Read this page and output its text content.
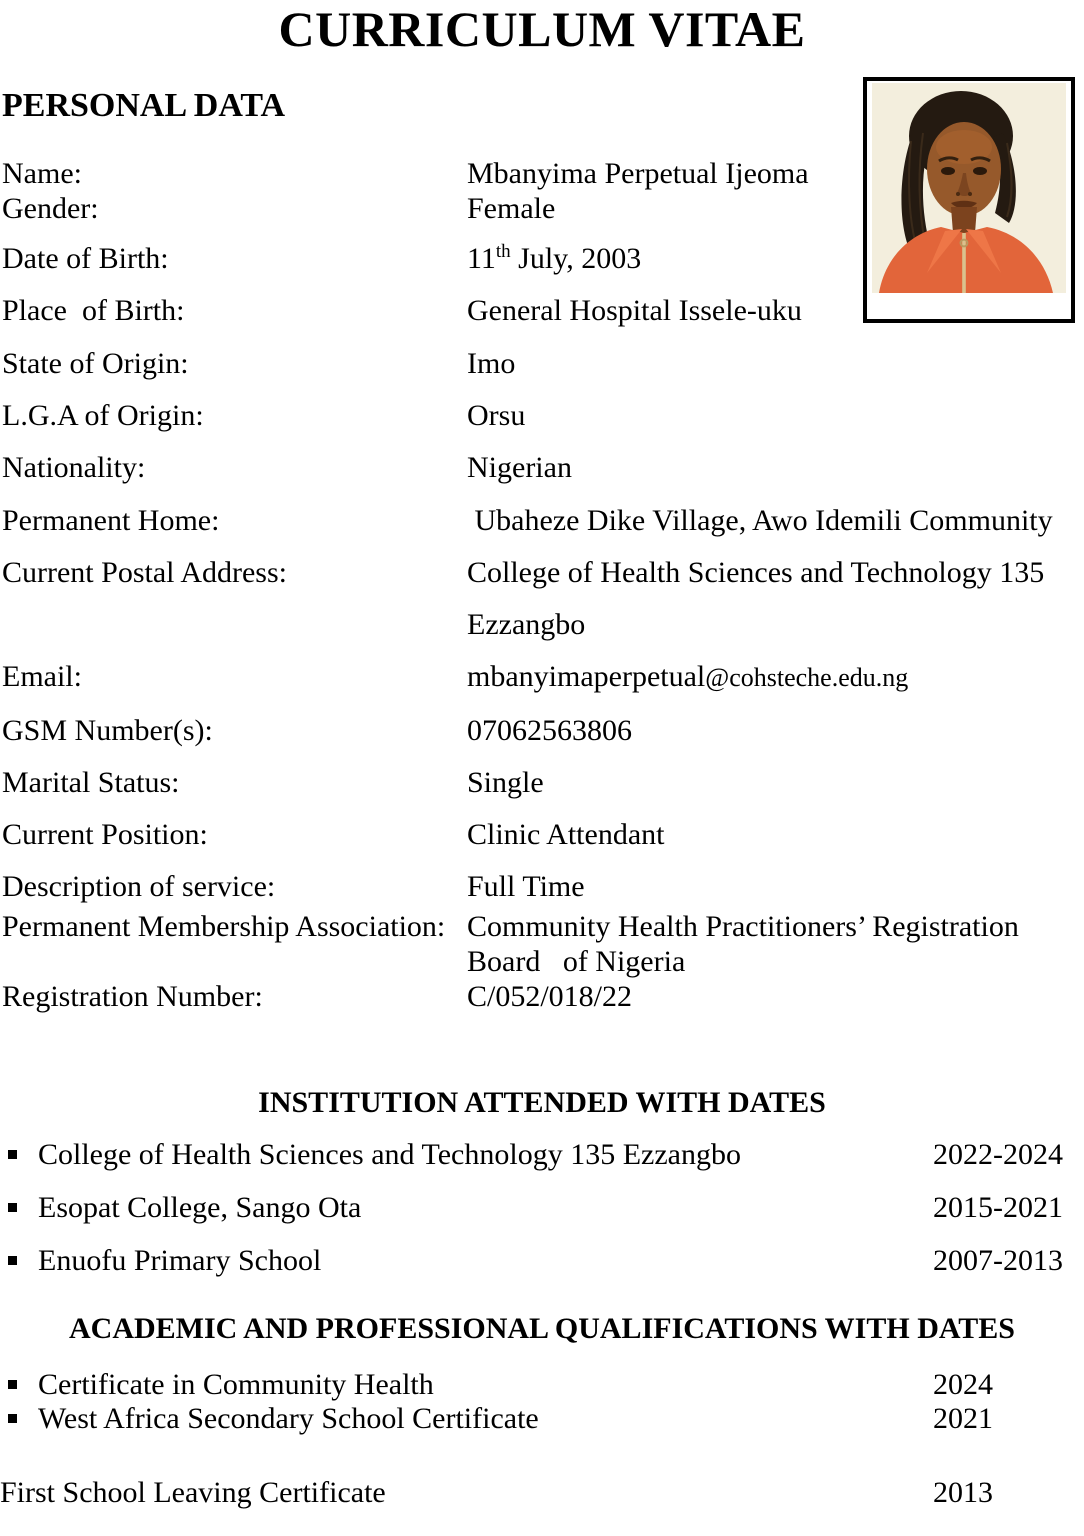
CURRICULUM VITAE
PERSONAL DATA
Name:	Mbanyima Perpetual Ijeoma
Gender:	Female
Date of Birth:	11th July, 2003
Place  of Birth:	General Hospital Issele-uku
State of Origin:	Imo
L.G.A of Origin:	Orsu
Nationality:	Nigerian
Permanent Home:	Ubaheze Dike Village, Awo Idemili Community
Current Postal Address:	College of Health Sciences and Technology 135
Ezzangbo
Email:	mbanyimaperpetual@cohsteche.edu.ng
GSM Number(s):	07062563806
Marital Status:	Single
Current Position:	Clinic Attendant
Description of service:	Full Time
Permanent Membership Association: Community Health Practitioners’ Registration
Board   of Nigeria
Registration Number:	C/052/018/22
INSTITUTION ATTENDED WITH DATES
College of Health Sciences and Technology 135 Ezzangbo	2022-2024
Esopat College, Sango Ota	2015-2021
Enuofu Primary School	2007-2013
ACADEMIC AND PROFESSIONAL QUALIFICATIONS WITH DATES
Certificate in Community Health	2024
West Africa Secondary School Certificate	2021
First School Leaving Certificate	2013
